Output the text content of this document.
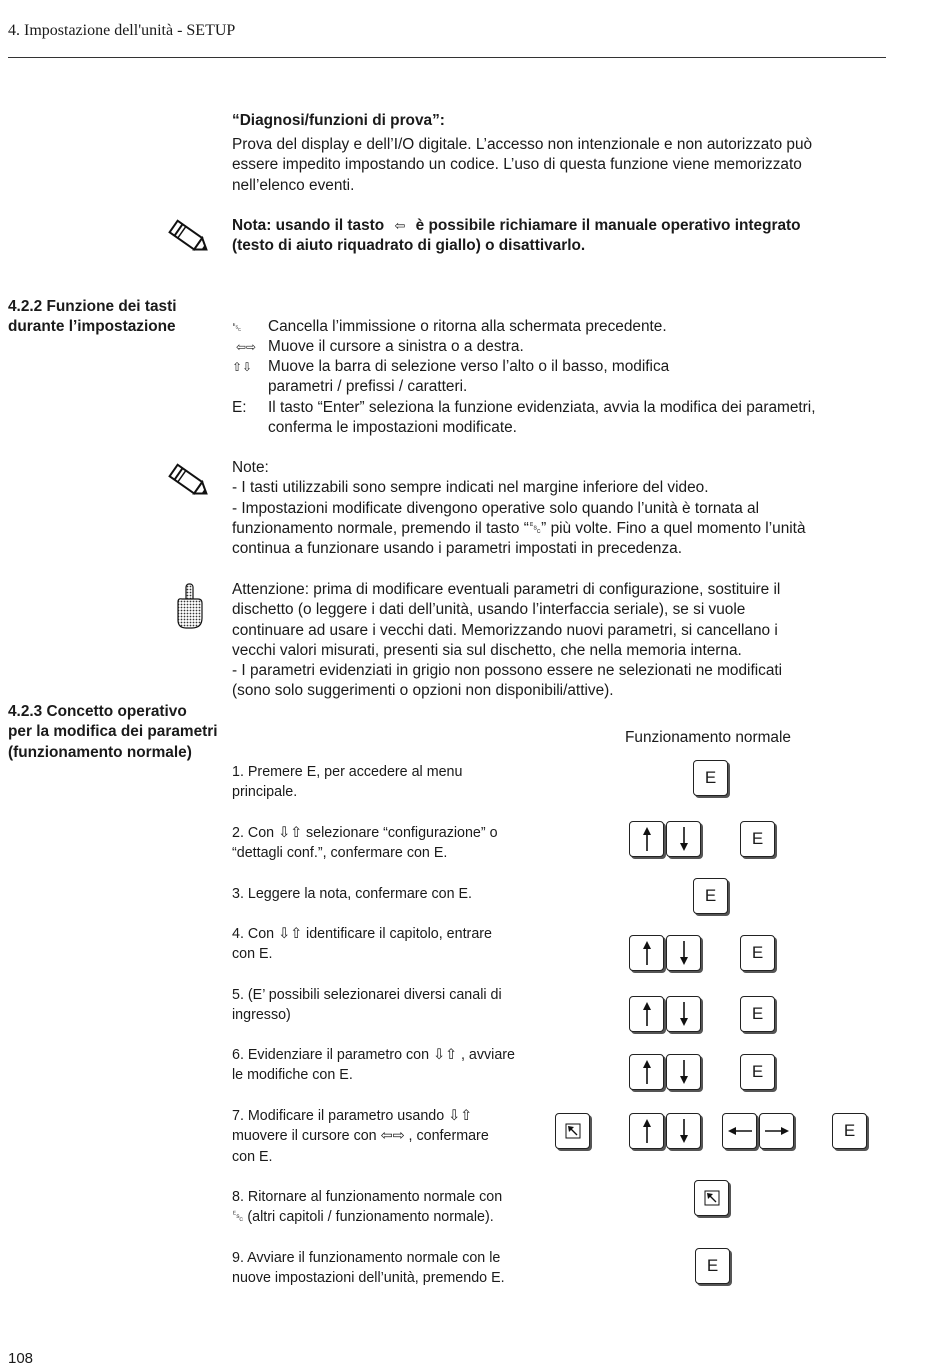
4. Impostazione dell'unità - SETUP
“Diagnosi/funzioni di prova”:
Prova del display e dell’I/O digitale. L’accesso non intenzionale e non autorizzato può
essere impedito impostando un codice. L’uso di questa funzione viene memorizzato
nell’elenco eventi.
Nota: usando il tasto ⇦ è possibile richiamare il manuale operativo integrato
(testo di aiuto riquadrato di giallo) o disattivarlo.
4.2.2 Funzione dei tasti
durante l’impostazione	␛ Cancella l’immissione o ritorna alla schermata precedente.
⇦⇨ Muove il cursore a sinistra o a destra.
⇧⇩ Muove la barra di selezione verso l’alto o il basso, modifica
parametri / prefissi / caratteri.
E: Il tasto “Enter” seleziona la funzione evidenziata, avvia la modifica dei parametri,
conferma le impostazioni modificate.
Note:
- I tasti utilizzabili sono sempre indicati nel margine inferiore del video.
- Impostazioni modificate divengono operative solo quando l’unità è tornata al
funzionamento normale, premendo il tasto “␛” più volte. Fino a quel momento l’unità
continua a funzionare usando i parametri impostati in precedenza.
Attenzione: prima di modificare eventuali parametri di configurazione, sostituire il
dischetto (o leggere i dati dell’unità, usando l’interfaccia seriale), se si vuole
continuare ad usare i vecchi dati. Memorizzando nuovi parametri, si cancellano i
vecchi valori misurati, presenti sia sul dischetto, che nella memoria interna.
- I parametri evidenziati in grigio non possono essere ne selezionati ne modificati
(sono solo suggerimenti o opzioni non disponibili/attive).
4.2.3 Concetto operativo
per la modifica dei parametri
(funzionamento normale)
Funzionamento normale
1. Premere E, per accedere al menu
principale.
2. Con ⇩⇧ selezionare “configurazione” o
“dettagli conf.”, confermare con E.
3. Leggere la nota, confermare con E.
4. Con ⇩⇧ identificare il capitolo, entrare
con E.
5. (E’ possibili selezionarei diversi canali di
ingresso)
6. Evidenziare il parametro con ⇩⇧ , avviare
le modifiche con E.
7. Modificare il parametro usando ⇩⇧
muovere il cursore con ⇦⇨ , confermare
con E.
8. Ritornare al funzionamento normale con
␛ (altri capitoli / funzionamento normale).
9. Avviare il funzionamento normale con le
nuove impostazioni dell’unità, premendo E.
E
E
E
E
E
E
E
E
108
